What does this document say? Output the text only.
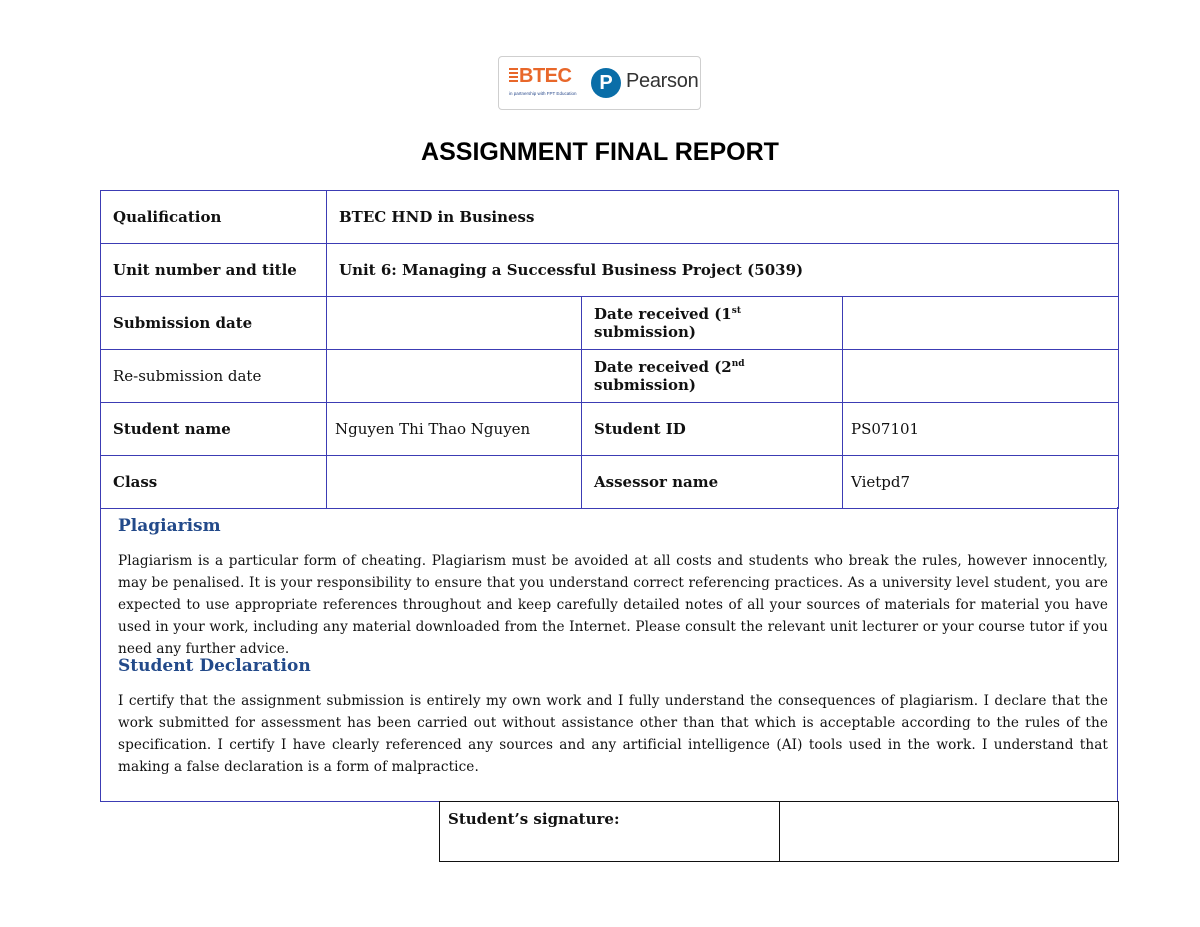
BTEC
in partnership with FPT Education	P Pearson
ASSIGNMENT FINAL REPORT
Qualification	BTEC HND in Business		
Unit number and title	Unit 6: Managing a Successful Business Project (5039)		
Submission date		Date received (1st submission)	
Re-submission date		Date received (2nd submission)	
Student name	Nguyen Thi Thao Nguyen	Student ID	PS07101
Class		Assessor name	Vietpd7
Plagiarism

Plagiarism is a particular form of cheating. Plagiarism must be avoided at all costs and students who break the rules, however innocently, may be penalised. It is your responsibility to ensure that you understand correct referencing practices. As a university level student, you are expected to use appropriate references throughout and keep carefully detailed notes of all your sources of materials for material you have used in your work, including any material downloaded from the Internet. Please consult the relevant unit lecturer or your course tutor if you need any further advice.

Student Declaration

I certify that the assignment submission is entirely my own work and I fully understand the consequences of plagiarism. I declare that the work submitted for assessment has been carried out without assistance other than that which is acceptable according to the rules of the specification. I certify I have clearly referenced any sources and any artificial intelligence (AI) tools used in the work. I understand that making a false declaration is a form of malpractice.

Student’s signature:	
